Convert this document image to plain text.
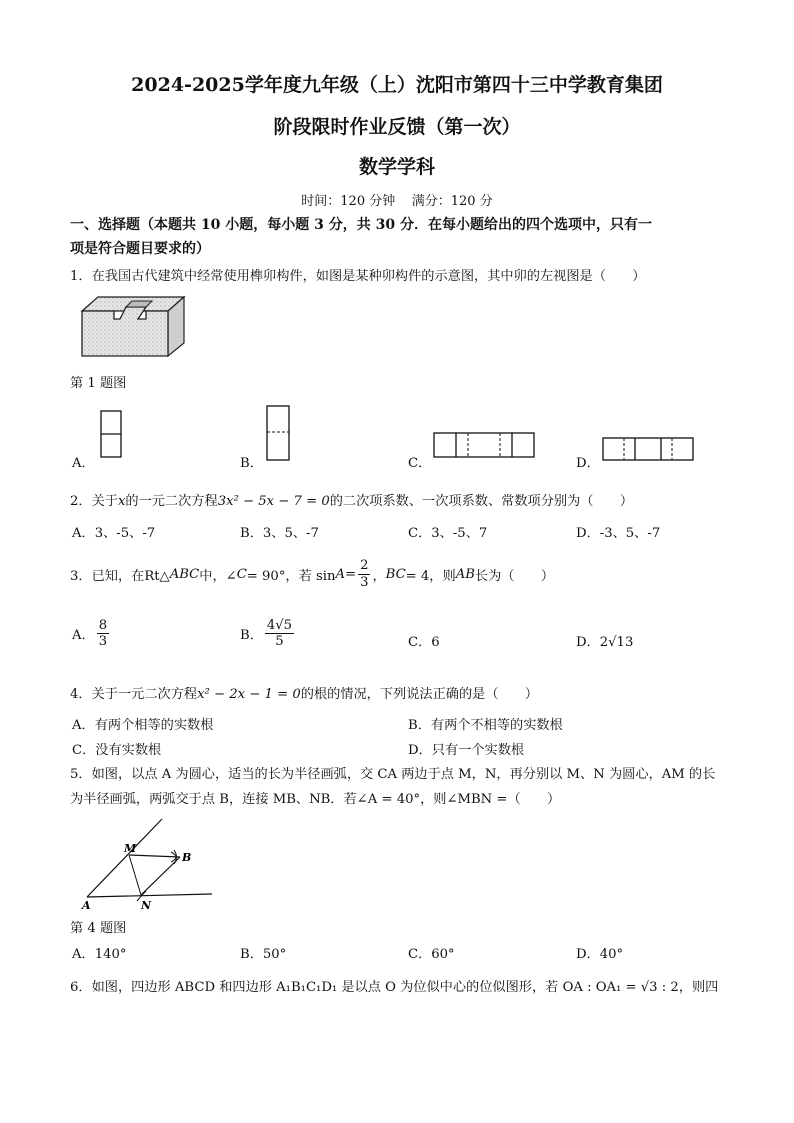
2024-2025学年度九年级（上）沈阳市第四十三中学教育集团
阶段限时作业反馈（第一次）
数学学科
时间：120 分钟    满分：120 分
一、选择题（本题共 10 小题，每小题 3 分，共 30 分．在每小题给出的四个选项中，只有一
项是符合题目要求的）
1．在我国古代建筑中经常使用榫卯构件，如图是某种卯构件的示意图，其中卯的左视图是（　　）
第 1 题图
A．	B．	C．	D．
2．关于x的一元二次方程3x² − 5x − 7 = 0的二次项系数、一次项系数、常数项分别为（　　）
A．3、-5、-7	B．3、5、-7	C．3、-5、7	D．-3、5、-7
3．已知，在Rt△ ABC 中，∠ C = 90°，若 $\sin A = \frac{2}{3}$ ， BC = 4，则 AB 长为（　　）
A． $\frac{8}{3}$	B． $\frac{4√5}{5}$	C．6	D．2√13
4．关于一元二次方程x² − 2x − 1 = 0的根的情况，下列说法正确的是（　　）
A．有两个相等的实数根	B．有两个不相等的实数根
C．没有实数根	D．只有一个实数根
5．如图，以点 A 为圆心，适当的长为半径画弧，交 CA 两边于点 M，N，再分别以 M、N 为圆心，AM 的长
为半径画弧，两弧交于点 B，连接 MB、NB．若∠A = 40°，则∠MBN =（　　）
M
B
A	N
第 4 题图
A．140°	B．50°	C．60°	D．40°
6．如图，四边形 ABCD 和四边形 A₁B₁C₁D₁ 是以点 O 为位似中心的位似图形，若 OA : OA₁ = √3 : 2，则四
